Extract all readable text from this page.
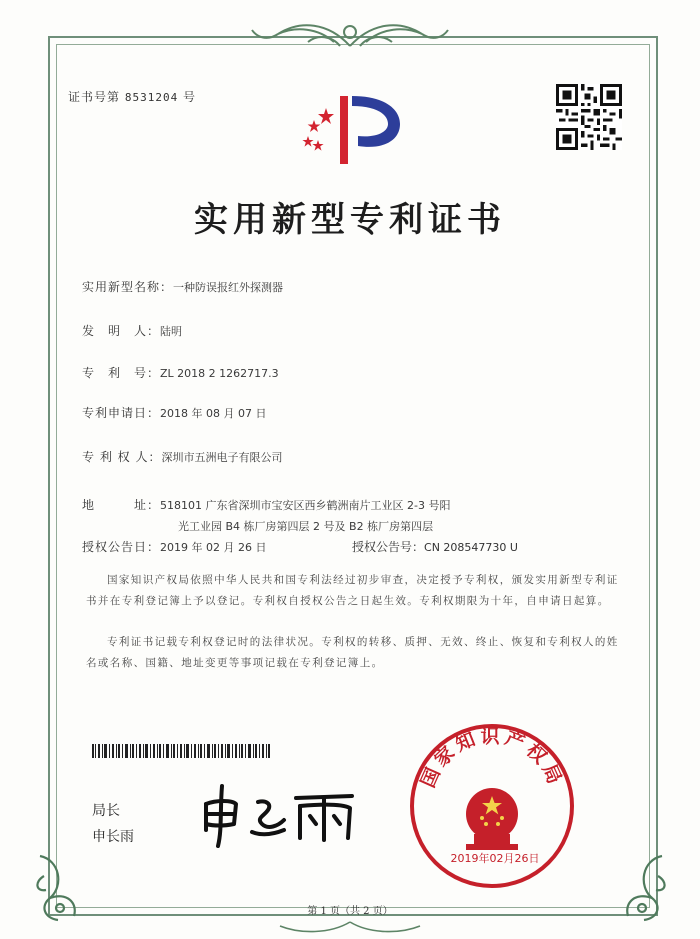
证书号第 8531204 号
实用新型专利证书
实用新型名称：一种防误报红外探测器
发　明　人：陆明
专　利　号：ZL 2018 2 1262717.3
专利申请日：2018 年 08 月 07 日
专 利 权 人：深圳市五洲电子有限公司
地　　　址：518101 广东省深圳市宝安区西乡鹤洲南片工业区 2-3 号阳
光工业园 B4 栋厂房第四层 2 号及 B2 栋厂房第四层
授权公告日：2019 年 02 月 26 日	授权公告号：CN 208547730 U
国家知识产权局依照中华人民共和国专利法经过初步审查，决定授予专利权，颁发实用新型专利证书并在专利登记簿上予以登记。专利权自授权公告之日起生效。专利权期限为十年，自申请日起算。
专利证书记载专利权登记时的法律状况。专利权的转移、质押、无效、终止、恢复和专利权人的姓名或名称、国籍、地址变更等事项记载在专利登记簿上。
局长
申长雨
国家知识产权局
2019年02月26日
第 1 页（共 2 页）
